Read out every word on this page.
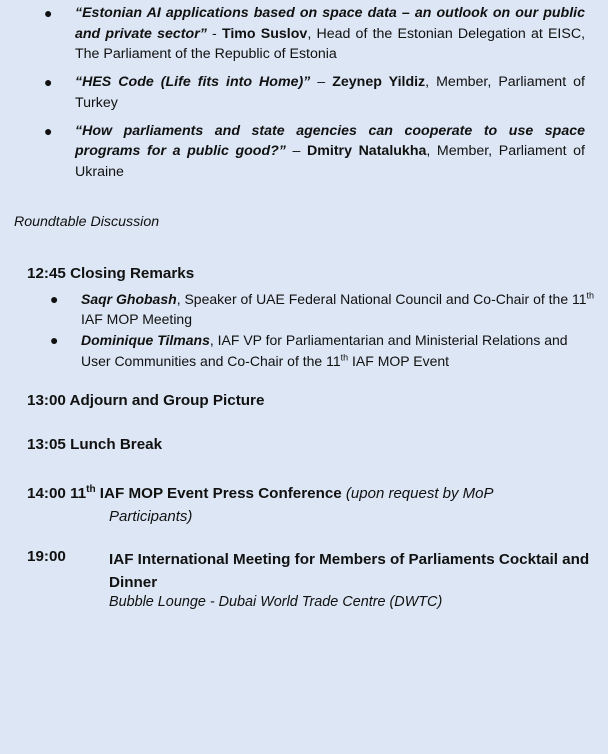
● “Estonian AI applications based on space data – an outlook on our public and private sector” - Timo Suslov, Head of the Estonian Delegation at EISC, The Parliament of the Republic of Estonia
● “HES Code (Life fits into Home)” – Zeynep Yildiz, Member, Parliament of Turkey
● “How parliaments and state agencies can cooperate to use space programs for a public good?” – Dmitry Natalukha, Member, Parliament of Ukraine
Roundtable Discussion
12:45 Closing Remarks
● Saqr Ghobash, Speaker of UAE Federal National Council and Co-Chair of the 11th IAF MOP Meeting
● Dominique Tilmans, IAF VP for Parliamentarian and Ministerial Relations and User Communities and Co-Chair of the 11th IAF MOP Event
13:00 Adjourn and Group Picture
13:05 Lunch Break
14:00 11th IAF MOP Event Press Conference (upon request by MoP
Participants)
19:00	IAF International Meeting for Members of Parliaments Cocktail and Dinner
Bubble Lounge - Dubai World Trade Centre (DWTC)
